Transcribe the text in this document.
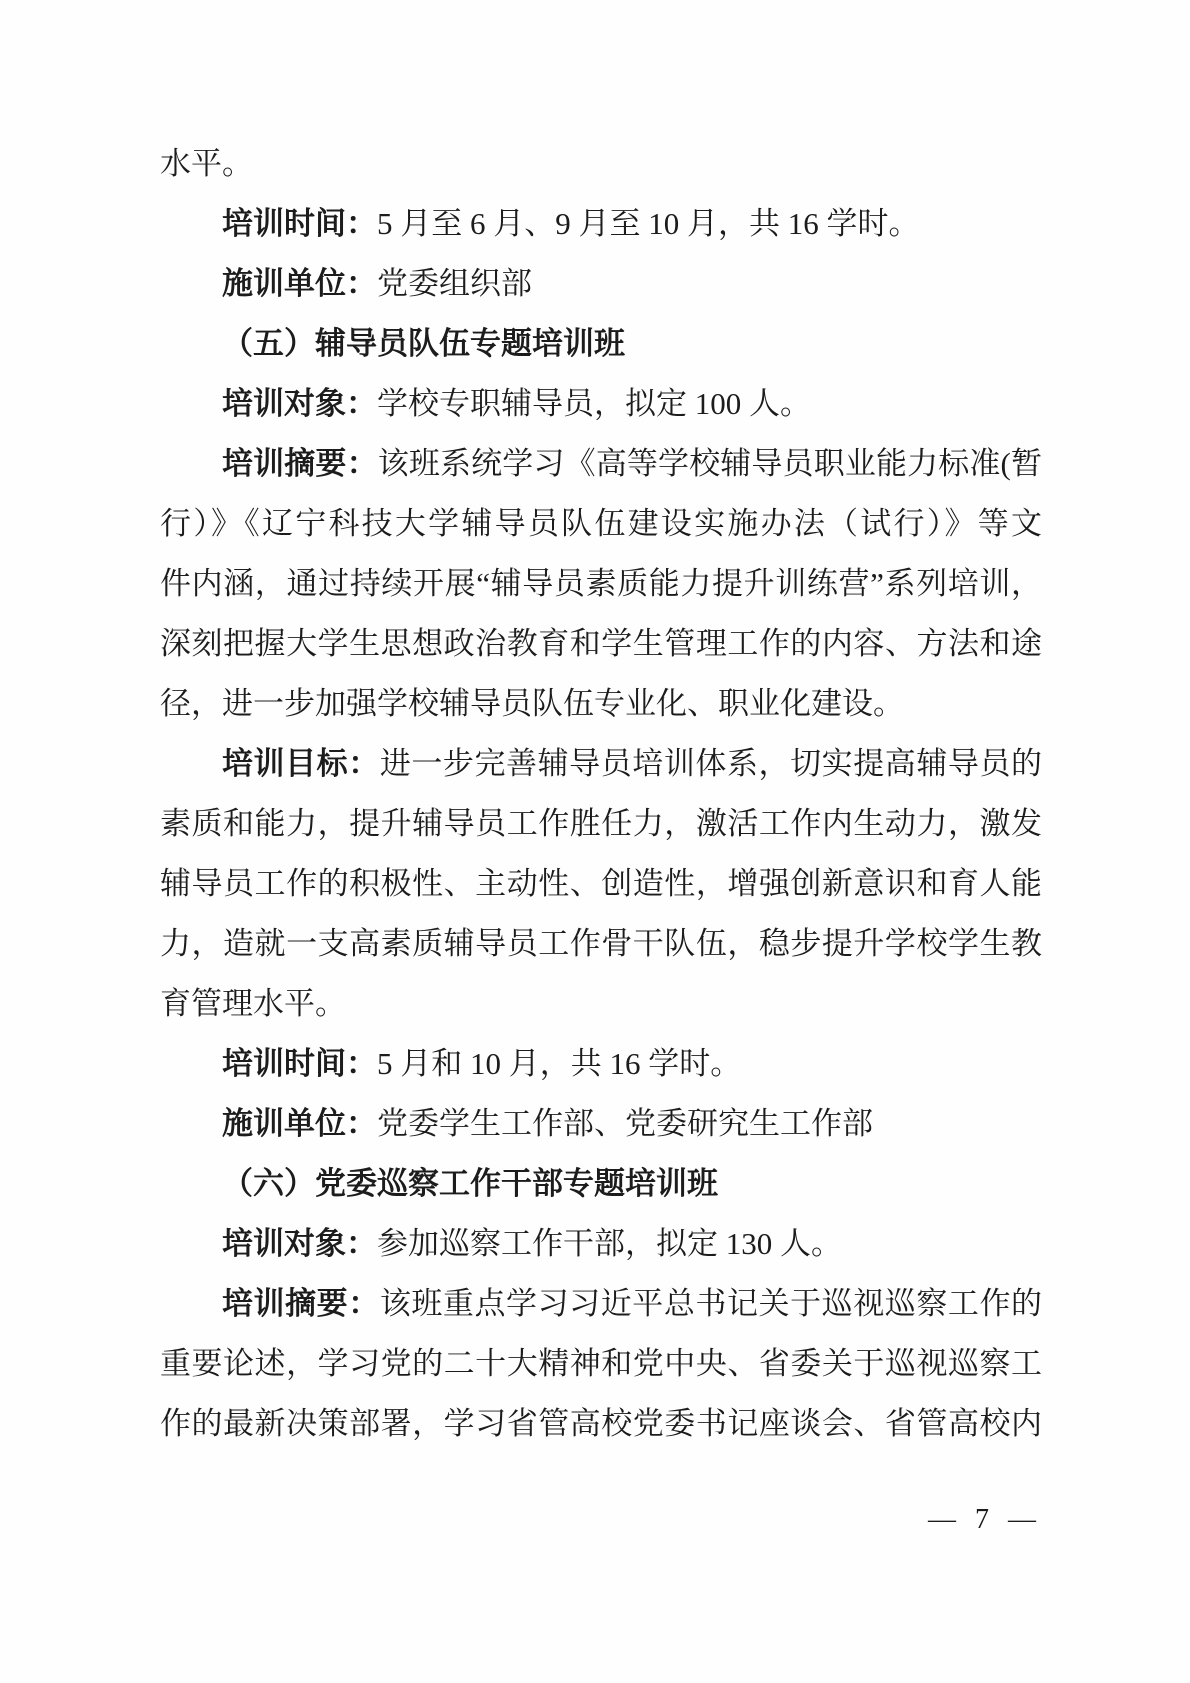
水平。
培训时间：5 月至 6 月、9 月至 10 月，共 16 学时。
施训单位：党委组织部
（五）辅导员队伍专题培训班
培训对象：学校专职辅导员，拟定 100 人。
培训摘要：该班系统学习《高等学校辅导员职业能力标准(暂
行）》《辽宁科技大学辅导员队伍建设实施办法（试行）》等文
件内涵，通过持续开展“辅导员素质能力提升训练营”系列培训，
深刻把握大学生思想政治教育和学生管理工作的内容、方法和途
径，进一步加强学校辅导员队伍专业化、职业化建设。
培训目标：进一步完善辅导员培训体系，切实提高辅导员的
素质和能力，提升辅导员工作胜任力，激活工作内生动力，激发
辅导员工作的积极性、主动性、创造性，增强创新意识和育人能
力，造就一支高素质辅导员工作骨干队伍，稳步提升学校学生教
育管理水平。
培训时间：5 月和 10 月，共 16 学时。
施训单位：党委学生工作部、党委研究生工作部
（六）党委巡察工作干部专题培训班
培训对象：参加巡察工作干部，拟定 130 人。
培训摘要：该班重点学习习近平总书记关于巡视巡察工作的
重要论述，学习党的二十大精神和党中央、省委关于巡视巡察工
作的最新决策部署，学习省管高校党委书记座谈会、省管高校内
— 7 —
